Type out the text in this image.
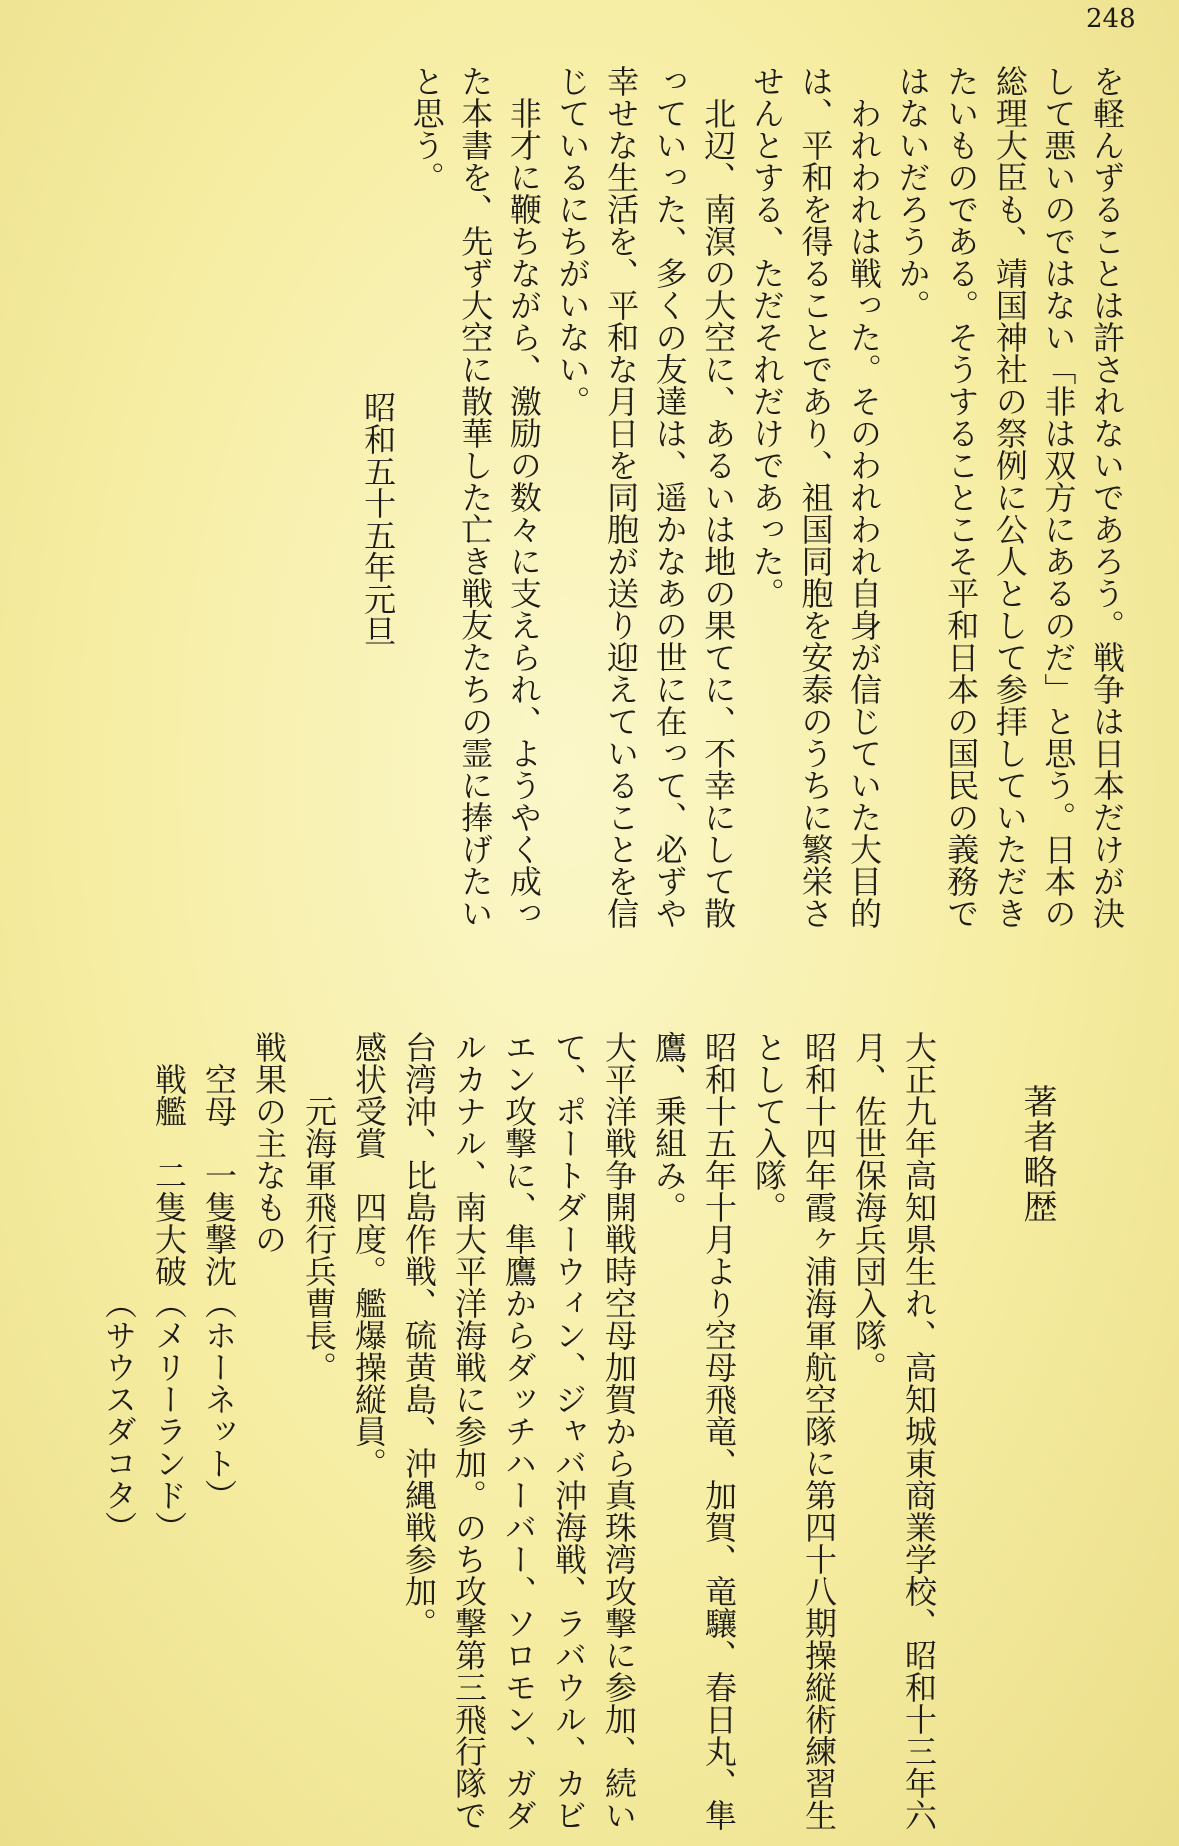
248
を軽んずることは許されないであろう。戦争は日本だけが決
して悪いのではない「非は双方にあるのだ」と思う。日本の
総理大臣も、靖国神社の祭例に公人として参拝していただき
たいものである。そうすることこそ平和日本の国民の義務で
はないだろうか。
われわれは戦った。そのわれわれ自身が信じていた大目的
は、平和を得ることであり、祖国同胞を安泰のうちに繁栄さ
せんとする、ただそれだけであった。
北辺、南溟の大空に、あるいは地の果てに、不幸にして散
っていった、多くの友達は、遥かなあの世に在って、必ずや
幸せな生活を、平和な月日を同胞が送り迎えていることを信
じているにちがいない。
非才に鞭ちながら、激励の数々に支えられ、ようやく成っ
た本書を、先ず大空に散華した亡き戦友たちの霊に捧げたい
と思う。
昭和五十五年元旦
著者略歴
大正九年高知県生れ、高知城東商業学校、昭和十三年六
月、佐世保海兵団入隊。
昭和十四年霞ヶ浦海軍航空隊に第四十八期操縦術練習生
として入隊。
昭和十五年十月より空母飛竜、加賀、竜驤、春日丸、隼
鷹、乗組み。
大平洋戦争開戦時空母加賀から真珠湾攻撃に参加、続い
て、ポートダーウィン、ジャバ沖海戦、ラバウル、カビ
エン攻撃に、隼鷹からダッチハーバー、ソロモン、ガダ
ルカナル、南大平洋海戦に参加。のち攻撃第三飛行隊で
台湾沖、比島作戦、硫黄島、沖縄戦参加。
感状受賞　四度。艦爆操縦員。
元海軍飛行兵曹長。
戦果の主なもの
空母一隻撃沈（ホーネット）
戦艦二隻大破（メリーランド）
（サウスダコタ）
